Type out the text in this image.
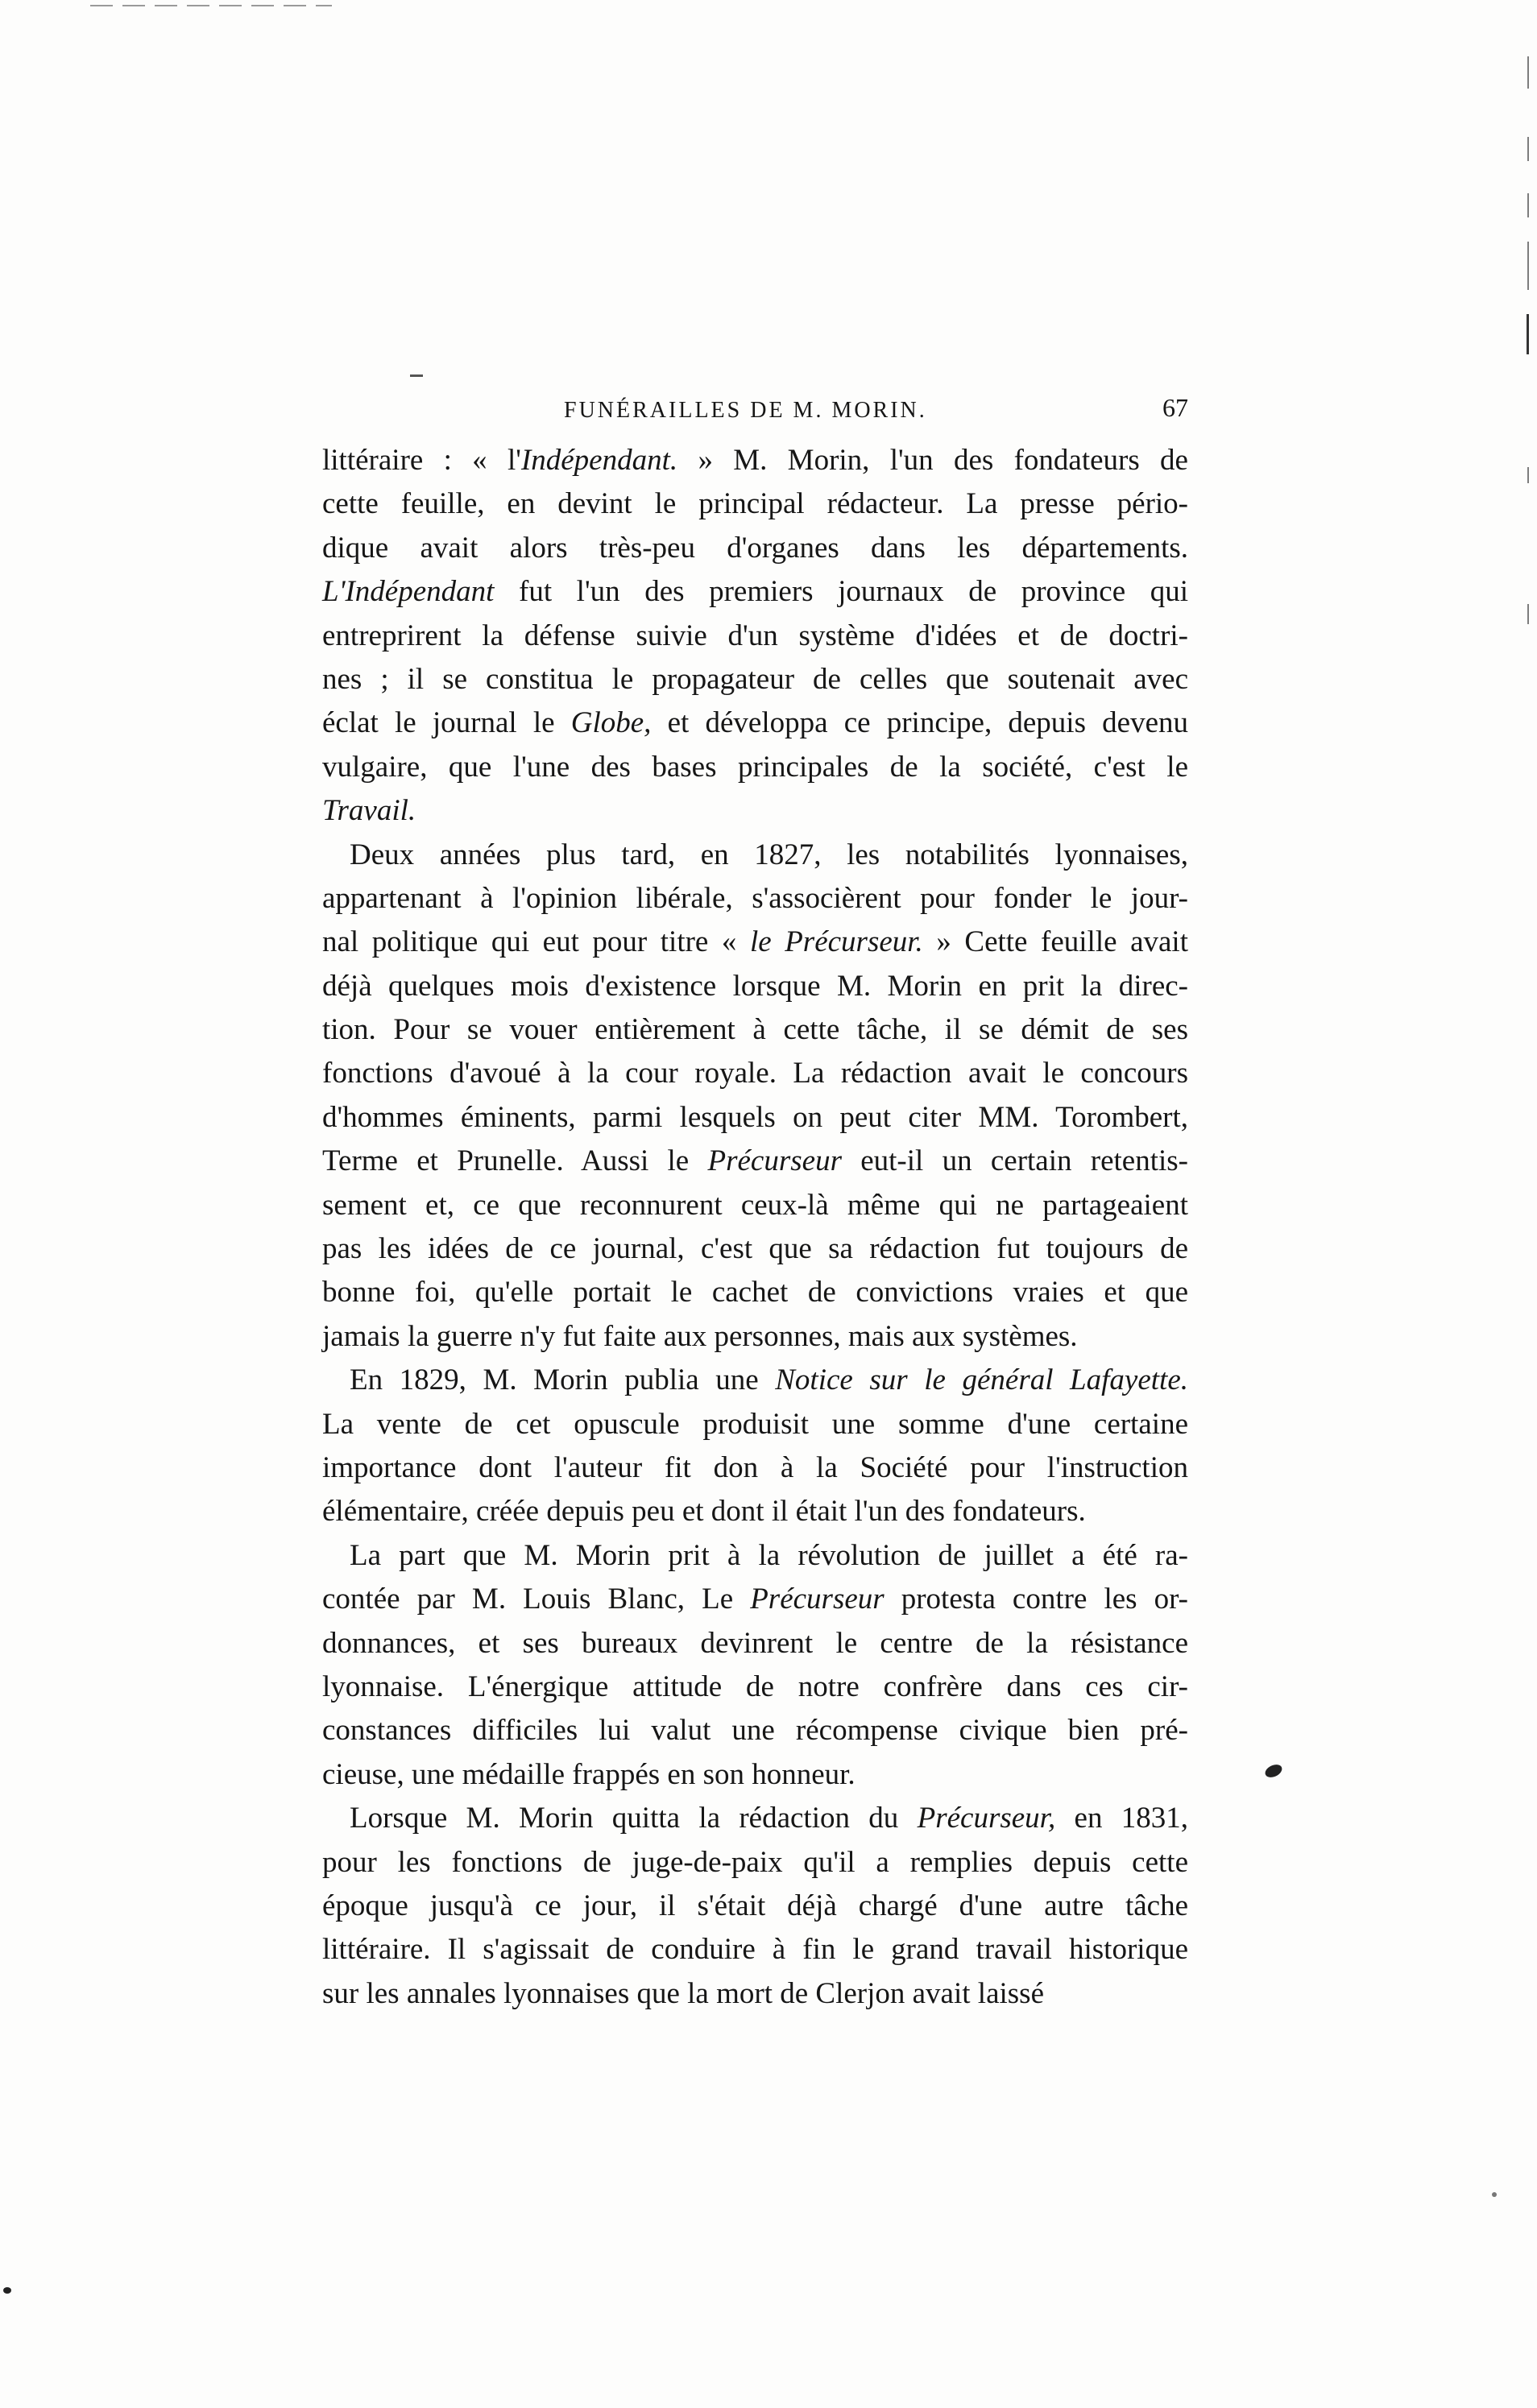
FUNÉRAILLES DE M. MORIN.	67
littéraire : « l'Indépendant. » M. Morin, l'un des fondateurs de
cette feuille, en devint le principal rédacteur. La presse pério-
dique avait alors très-peu d'organes dans les départements.
L'Indépendant fut l'un des premiers journaux de province qui
entreprirent la défense suivie d'un système d'idées et de doctri-
nes ; il se constitua le propagateur de celles que soutenait avec
éclat le journal le Globe, et développa ce principe, depuis devenu
vulgaire, que l'une des bases principales de la société, c'est le
Travail.
Deux années plus tard, en 1827, les notabilités lyonnaises,
appartenant à l'opinion libérale, s'associèrent pour fonder le jour-
nal politique qui eut pour titre « le Précurseur. » Cette feuille avait
déjà quelques mois d'existence lorsque M. Morin en prit la direc-
tion. Pour se vouer entièrement à cette tâche, il se démit de ses
fonctions d'avoué à la cour royale. La rédaction avait le concours
d'hommes éminents, parmi lesquels on peut citer MM. Torombert,
Terme et Prunelle. Aussi le Précurseur eut-il un certain retentis-
sement et, ce que reconnurent ceux-là même qui ne partageaient
pas les idées de ce journal, c'est que sa rédaction fut toujours de
bonne foi, qu'elle portait le cachet de convictions vraies et que
jamais la guerre n'y fut faite aux personnes, mais aux systèmes.
En 1829, M. Morin publia une Notice sur le général Lafayette.
La vente de cet opuscule produisit une somme d'une certaine
importance dont l'auteur fit don à la Société pour l'instruction
élémentaire, créée depuis peu et dont il était l'un des fondateurs.
La part que M. Morin prit à la révolution de juillet a été ra-
contée par M. Louis Blanc, Le Précurseur protesta contre les or-
donnances, et ses bureaux devinrent le centre de la résistance
lyonnaise. L'énergique attitude de notre confrère dans ces cir-
constances difficiles lui valut une récompense civique bien pré-
cieuse, une médaille frappés en son honneur.
Lorsque M. Morin quitta la rédaction du Précurseur, en 1831,
pour les fonctions de juge-de-paix qu'il a remplies depuis cette
époque jusqu'à ce jour, il s'était déjà chargé d'une autre tâche
littéraire. Il s'agissait de conduire à fin le grand travail historique
sur les annales lyonnaises que la mort de Clerjon avait laissé
